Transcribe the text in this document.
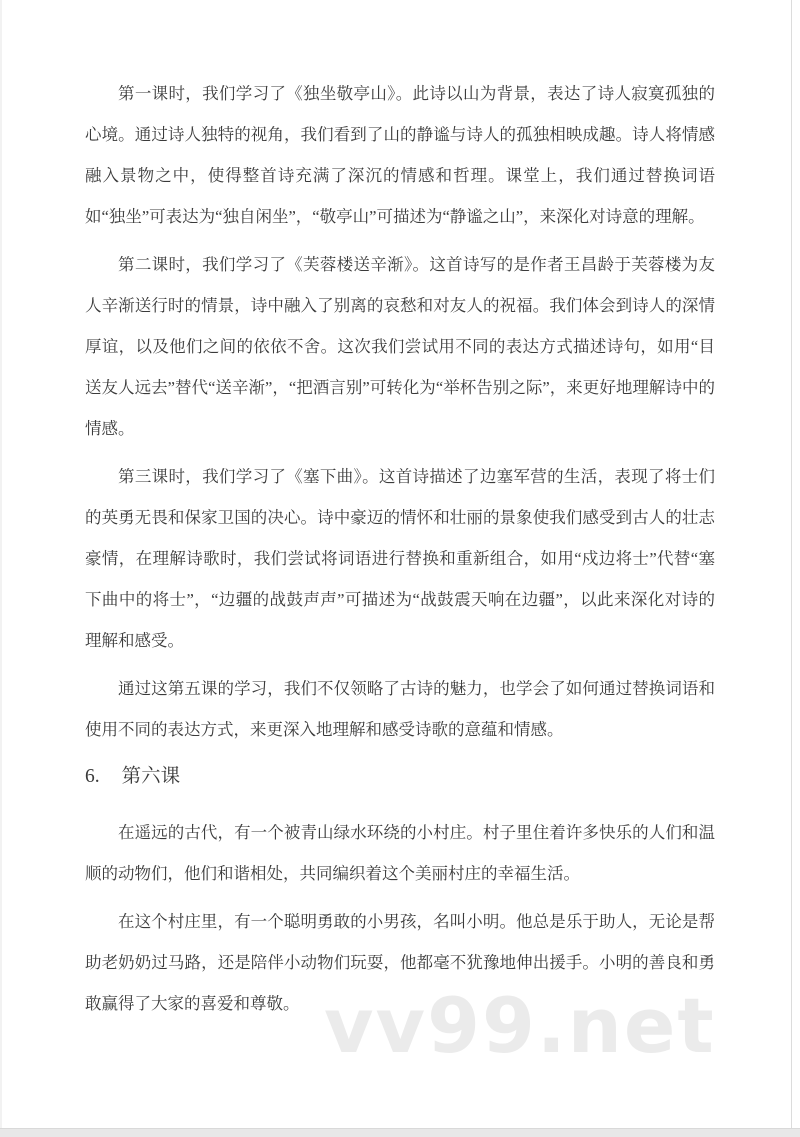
vv99.net
第一课时，我们学习了《独坐敬亭山》。此诗以山为背景，表达了诗人寂寞孤独的心境。通过诗人独特的视角，我们看到了山的静谧与诗人的孤独相映成趣。诗人将情感融入景物之中，使得整首诗充满了深沉的情感和哲理。课堂上，我们通过替换词语如“独坐”可表达为“独自闲坐”，“敬亭山”可描述为“静谧之山”，来深化对诗意的理解。
第二课时，我们学习了《芙蓉楼送辛渐》。这首诗写的是作者王昌龄于芙蓉楼为友人辛渐送行时的情景，诗中融入了别离的哀愁和对友人的祝福。我们体会到诗人的深情厚谊，以及他们之间的依依不舍。这次我们尝试用不同的表达方式描述诗句，如用“目送友人远去”替代“送辛渐”，“把酒言别”可转化为“举杯告别之际”，来更好地理解诗中的情感。
第三课时，我们学习了《塞下曲》。这首诗描述了边塞军营的生活，表现了将士们的英勇无畏和保家卫国的决心。诗中豪迈的情怀和壮丽的景象使我们感受到古人的壮志豪情，在理解诗歌时，我们尝试将词语进行替换和重新组合，如用“戍边将士”代替“塞下曲中的将士”，“边疆的战鼓声声”可描述为“战鼓震天响在边疆”，以此来深化对诗的理解和感受。
通过这第五课的学习，我们不仅领略了古诗的魅力，也学会了如何通过替换词语和使用不同的表达方式，来更深入地理解和感受诗歌的意蕴和情感。
6. 第六课
在遥远的古代，有一个被青山绿水环绕的小村庄。村子里住着许多快乐的人们和温顺的动物们，他们和谐相处，共同编织着这个美丽村庄的幸福生活。
在这个村庄里，有一个聪明勇敢的小男孩，名叫小明。他总是乐于助人，无论是帮助老奶奶过马路，还是陪伴小动物们玩耍，他都毫不犹豫地伸出援手。小明的善良和勇敢赢得了大家的喜爱和尊敬。
